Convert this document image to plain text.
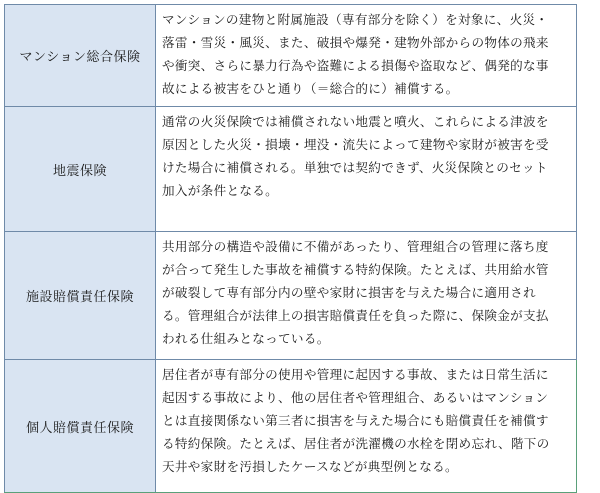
マンション総合保険	マンションの建物と附属施設（専有部分を除く）を対象に、火災・
落雷・雪災・風災、また、破損や爆発・建物外部からの物体の飛来
や衝突、さらに暴力行為や盗難による損傷や盗取など、偶発的な事
故による被害をひと通り（＝総合的に）補償する。

地震保険	通常の火災保険では補償されない地震と噴火、これらによる津波を
原因とした火災・損壊・埋没・流失によって建物や家財が被害を受
けた場合に補償される。単独では契約できず、火災保険とのセット
加入が条件となる。

施設賠償責任保険	共用部分の構造や設備に不備があったり、管理組合の管理に落ち度
が合って発生した事故を補償する特約保険。たとえば、共用給水管
が破裂して専有部分内の壁や家財に損害を与えた場合に適用され
る。管理組合が法律上の損害賠償責任を負った際に、保険金が支払
われる仕組みとなっている。

個人賠償責任保険	居住者が専有部分の使用や管理に起因する事故、または日常生活に
起因する事故により、他の居住者や管理組合、あるいはマンション
とは直接関係ない第三者に損害を与えた場合にも賠償責任を補償す
る特約保険。たとえば、居住者が洗濯機の水栓を閉め忘れ、階下の
天井や家財を汚損したケースなどが典型例となる。
